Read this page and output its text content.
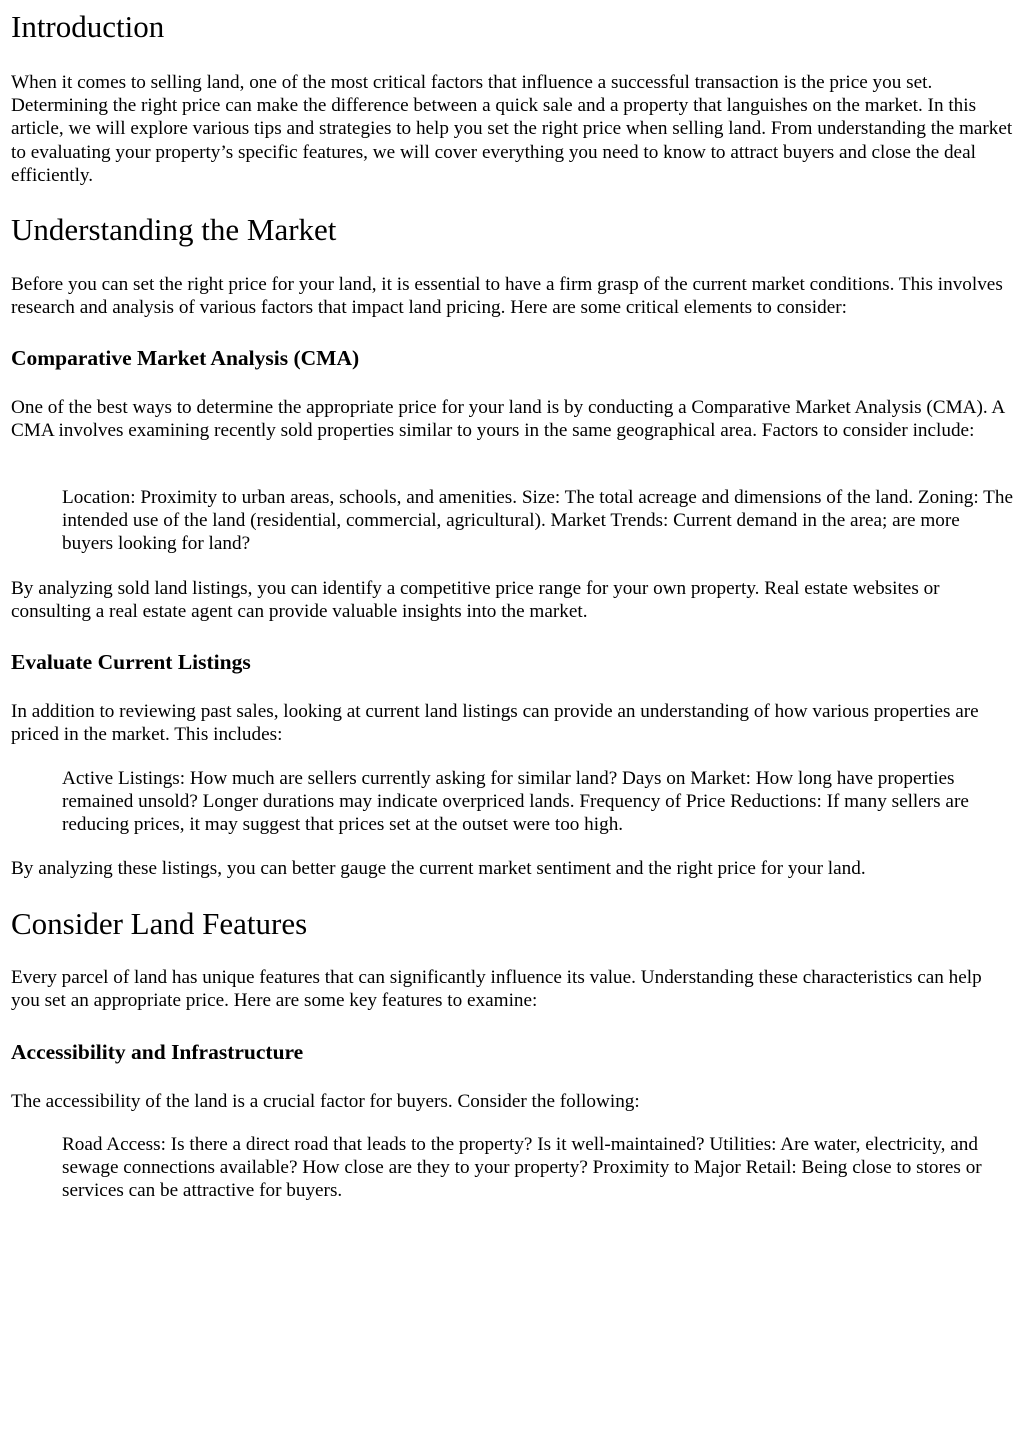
Introduction

When it comes to selling land, one of the most critical factors that influence a successful transaction is the price you set. Determining the right price can make the difference between a quick sale and a property that languishes on the market. In this article, we will explore various tips and strategies to help you set the right price when selling land. From understanding the market to evaluating your property’s specific features, we will cover everything you need to know to attract buyers and close the deal efficiently.

Understanding the Market

Before you can set the right price for your land, it is essential to have a firm grasp of the current market conditions. This involves research and analysis of various factors that impact land pricing. Here are some critical elements to consider:

Comparative Market Analysis (CMA)

One of the best ways to determine the appropriate price for your land is by conducting a Comparative Market Analysis (CMA). A CMA involves examining recently sold properties similar to yours in the same geographical area. Factors to consider include:

Location: Proximity to urban areas, schools, and amenities. Size: The total acreage and dimensions of the land. Zoning: The intended use of the land (residential, commercial, agricultural). Market Trends: Current demand in the area; are more buyers looking for land?

By analyzing sold land listings, you can identify a competitive price range for your own property. Real estate websites or consulting a real estate agent can provide valuable insights into the market.

Evaluate Current Listings

In addition to reviewing past sales, looking at current land listings can provide an understanding of how various properties are priced in the market. This includes:

Active Listings: How much are sellers currently asking for similar land? Days on Market: How long have properties remained unsold? Longer durations may indicate overpriced lands. Frequency of Price Reductions: If many sellers are reducing prices, it may suggest that prices set at the outset were too high.

By analyzing these listings, you can better gauge the current market sentiment and the right price for your land.

Consider Land Features

Every parcel of land has unique features that can significantly influence its value. Understanding these characteristics can help you set an appropriate price. Here are some key features to examine:

Accessibility and Infrastructure

The accessibility of the land is a crucial factor for buyers. Consider the following:

Road Access: Is there a direct road that leads to the property? Is it well-maintained? Utilities: Are water, electricity, and sewage connections available? How close are they to your property? Proximity to Major Retail: Being close to stores or services can be attractive for buyers.
